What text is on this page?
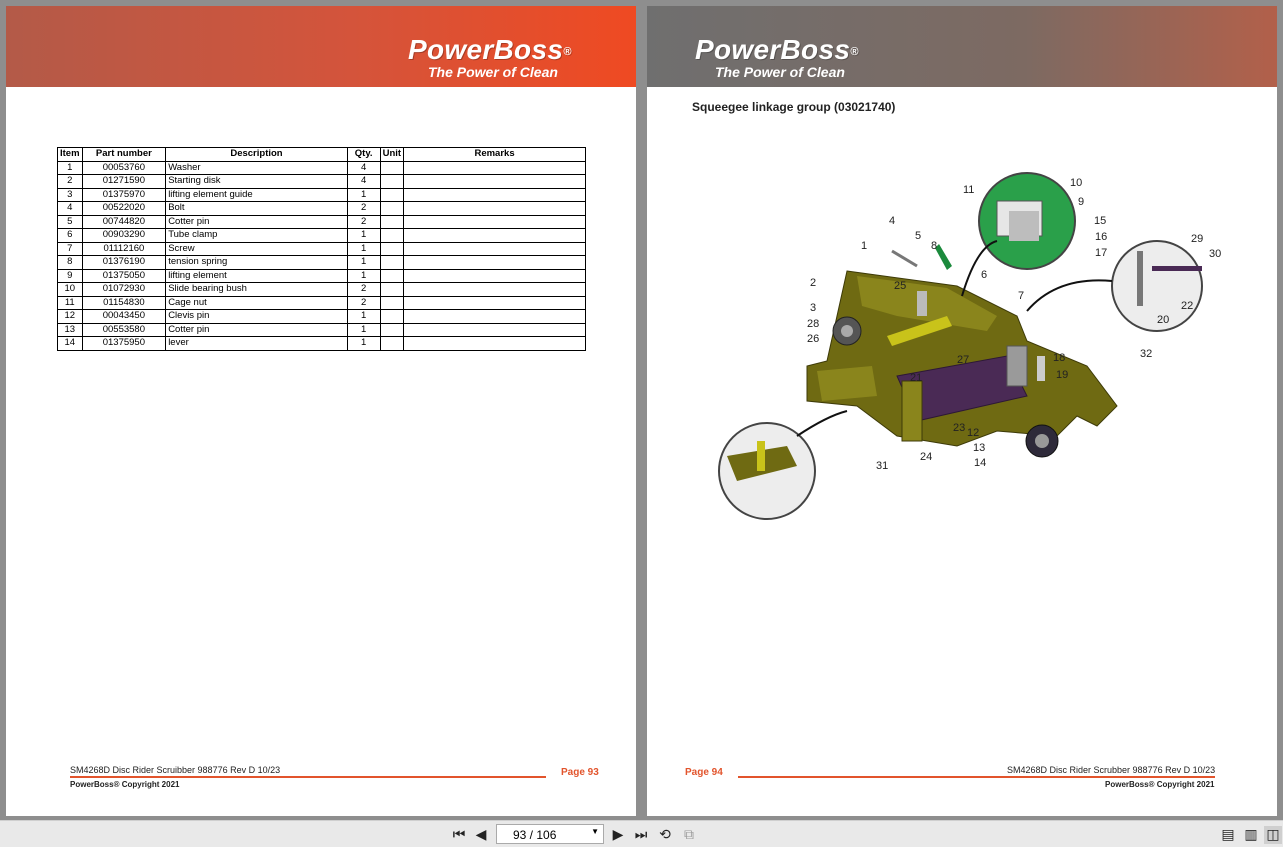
PowerBoss®
The Power of Clean
Item	Part number	Description	Qty.	Unit	Remarks
1	00053760	Washer	4		
2	01271590	Starting disk	4		
3	01375970	lifting element guide	1		
4	00522020	Bolt	2		
5	00744820	Cotter pin	2		
6	00903290	Tube clamp	1		
7	01112160	Screw	1		
8	01376190	tension spring	1		
9	01375050	lifting element	1		
10	01072930	Slide bearing bush	2		
11	01154830	Cage nut	2		
12	00043450	Clevis pin	1		
13	00553580	Cotter pin	1		
14	01375950	lever	1		
SM4268D Disc Rider Scruibber 988776 Rev D 10/23	Page 93
PowerBoss® Copyright 2021
PowerBoss®
The Power of Clean
Squeegee linkage group (03021740)
1
2
3
4
5
6
7
8
9
10
11
12
13
14
15
16
17
18
19
20
21
22
23
24
25
26
27
28
29
30
31
32
SM4268D Disc Rider Scrubber 988776 Rev D 10/23
Page 94
PowerBoss® Copyright 2021
⏮ ◀	93 / 106	▼ ▶ ⏭ ⟲ ⧉	▤ ▥ ◫
